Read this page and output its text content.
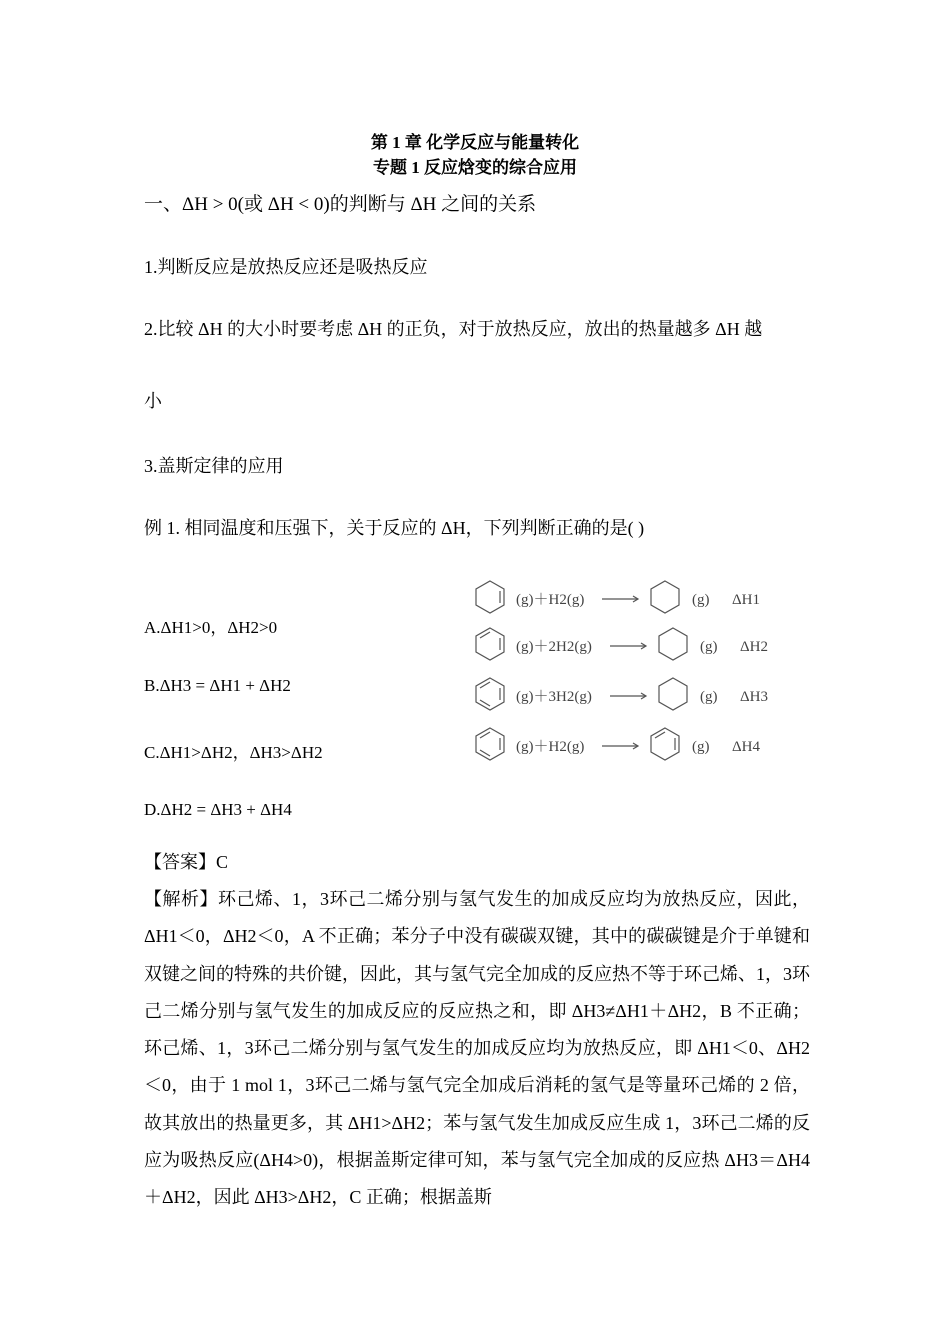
第 1 章 化学反应与能量转化
专题 1 反应焓变的综合应用
一、ΔH > 0(或 ΔH < 0)的判断与 ΔH 之间的关系
1.判断反应是放热反应还是吸热反应
2.比较 ΔH 的大小时要考虑 ΔH 的正负，对于放热反应，放出的热量越多 ΔH 越
小
3.盖斯定律的应用
例 1. 相同温度和压强下，关于反应的 ΔH，下列判断正确的是( )
A.ΔH1>0，ΔH2>0
B.ΔH3 = ΔH1 + ΔH2
C.ΔH1>ΔH2，ΔH3>ΔH2
D.ΔH2 = ΔH3 + ΔH4
(g)＋H2(g)	(g) ΔH1
(g)＋2H2(g)	(g) ΔH2
(g)＋3H2(g)	(g) ΔH3
(g)＋H2(g)	(g) ΔH4
【答案】C
【解析】环己烯、1，3环己二烯分别与氢气发生的加成反应均为放热反应，因此，ΔH1＜0，ΔH2＜0，A 不正确；苯分子中没有碳碳双键，其中的碳碳键是介于单键和双键之间的特殊的共价键，因此，其与氢气完全加成的反应热不等于环己烯、1，3环己二烯分别与氢气发生的加成反应的反应热之和，即 ΔH3≠ΔH1＋ΔH2，B 不正确；环己烯、1，3环己二烯分别与氢气发生的加成反应均为放热反应，即 ΔH1＜0、ΔH2＜0，由于 1 mol 1，3环己二烯与氢气完全加成后消耗的氢气是等量环己烯的 2 倍，故其放出的热量更多，其 ΔH1>ΔH2；苯与氢气发生加成反应生成 1，3环己二烯的反应为吸热反应(ΔH4>0)，根据盖斯定律可知，苯与氢气完全加成的反应热 ΔH3＝ΔH4＋ΔH2，因此 ΔH3>ΔH2，C 正确；根据盖斯
